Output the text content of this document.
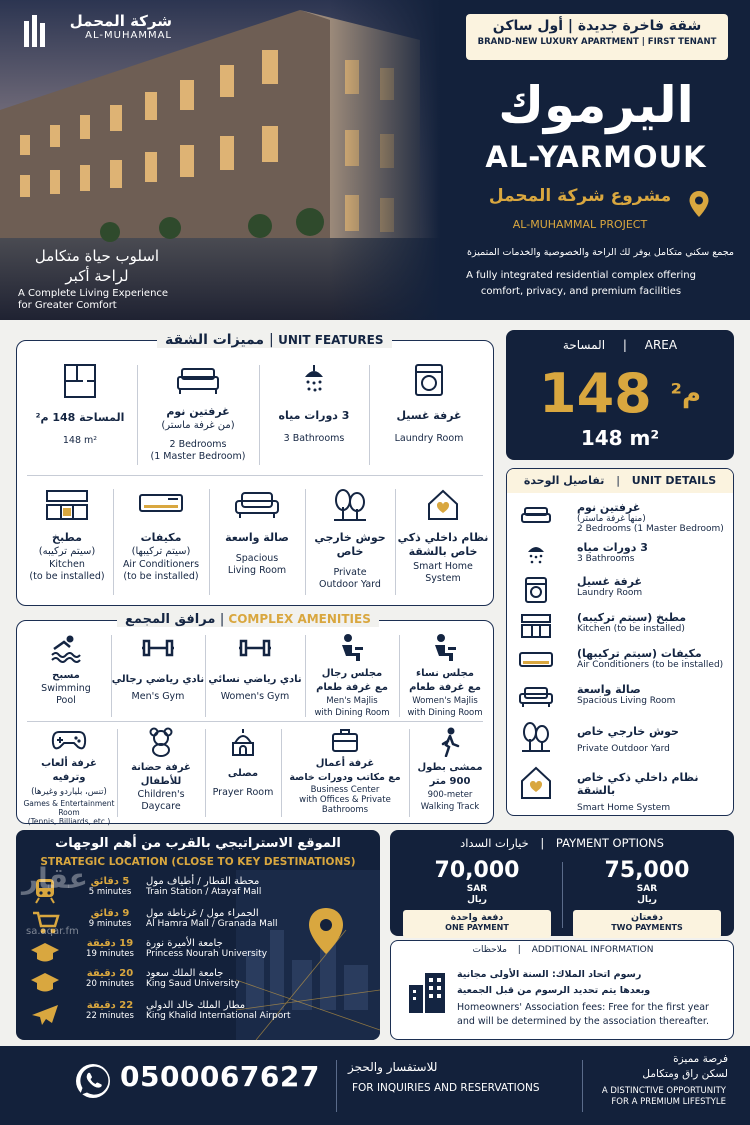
شركة المحمل
AL-MUHAMMAL
اسلوب حياة متكامل
لراحة أكبر
A Complete Living Experience
for Greater Comfort
شقة فاخرة جديدة | أول ساكن
BRAND-NEW LUXURY APARTMENT | FIRST TENANT
اليرموك
AL-YARMOUK
مشروع شركة المحمل
AL-MUHAMMAL PROJECT
مجمع سكني متكامل يوفر لك الراحة والخصوصية والخدمات المتميزة
A fully integrated residential complex offering
comfort, privacy, and premium facilities
مميزات الشقة | UNIT FEATURES
غرفة غسيل
Laundry Room
3 دورات مياه
3 Bathrooms
غرفتين نوم
(من غرفة ماستر)
2 Bedrooms
(1 Master Bedroom)
المساحة 148 م²
148 m²
نظام داخلي ذكي
خاص بالشقة
Smart Home System
حوش خارجي خاص
Private
Outdoor Yard
صالة واسعة
Spacious
Living Room
مكيفات
(سيتم تركيبها)
Air Conditioners
(to be installed)
مطبخ
(سيتم تركيبه)
Kitchen
(to be installed)
المساحة | AREA
$^{م^2}$ 148
148 m²
تفاصيل الوحدة | UNIT DETAILS
غرفتين نوم
(منها غرفة ماستر)
2 Bedrooms (1 Master Bedroom)
3 دورات مياه
3 Bathrooms
غرفة غسيل
Laundry Room
مطبخ (سيتم تركيبه)
Kitchen (to be installed)
مكيفات (سيتم تركيبها)
Air Conditioners (to be installed)
صالة واسعة
Spacious Living Room
حوش خارجي خاص
Private Outdoor Yard
نظام داخلي ذكي خاص بالشقة
Smart Home System
مرافق المجمع | COMPLEX AMENITIES
مجلس نساء
مع غرفة طعام
Women's Majlis
with Dining Room
مجلس رجال
مع غرفة طعام
Men's Majlis
with Dining Room
نادي رياضي نسائي
Women's Gym
نادي رياضي رجالي
Men's Gym
مسبح
Swimming
Pool
ممشى بطول
900 متر
900-meter
Walking Track
غرفة أعمال
مع مكاتب ودورات خاصة
Business Center
with Offices & Private
Bathrooms
مصلى
Prayer Room
غرفة حضانة
للأطفال
Children's
Daycare
غرفة ألعاب
وترفيه
(تنس، بلياردو وغيرها)
Games & Entertainment
Room
(Tennis, Billiards, etc.)
الموقع الاستراتيجي بالقرب من أهم الوجهات
STRATEGIC LOCATION (CLOSE TO KEY DESTINATIONS)
5 دقائق
5 minutes
محطة القطار / أطياف مول
Train Station / Atayaf Mall
9 دقائق
9 minutes
الحمراء مول / غرناطة مول
Al Hamra Mall / Granada Mall
19 دقيقة
19 minutes
جامعة الأميرة نورة
Princess Nourah University
20 دقيقة
20 minutes
جامعة الملك سعود
King Saud University
22 دقيقة
22 minutes
مطار الملك خالد الدولي
King Khalid International Airport
عقار
sa.aqar.fm
خيارات السداد | PAYMENT OPTIONS
75,000
SAR
ريال
دفعتان
TWO PAYMENTS
70,000
SAR
ريال
دفعة واحدة
ONE PAYMENT
ملاحظات | ADDITIONAL INFORMATION
رسوم اتحاد الملاك: السنة الأولى مجانية
وبعدها يتم تحديد الرسوم من قبل الجمعية
Homeowners' Association fees: Free for the first year
and will be determined by the association thereafter.
0500067627 للاستفسار والحجز
FOR INQUIRIES AND RESERVATIONS
فرصة مميزة
لسكن راق ومتكامل
A DISTINCTIVE OPPORTUNITY
FOR A PREMIUM LIFESTYLE
